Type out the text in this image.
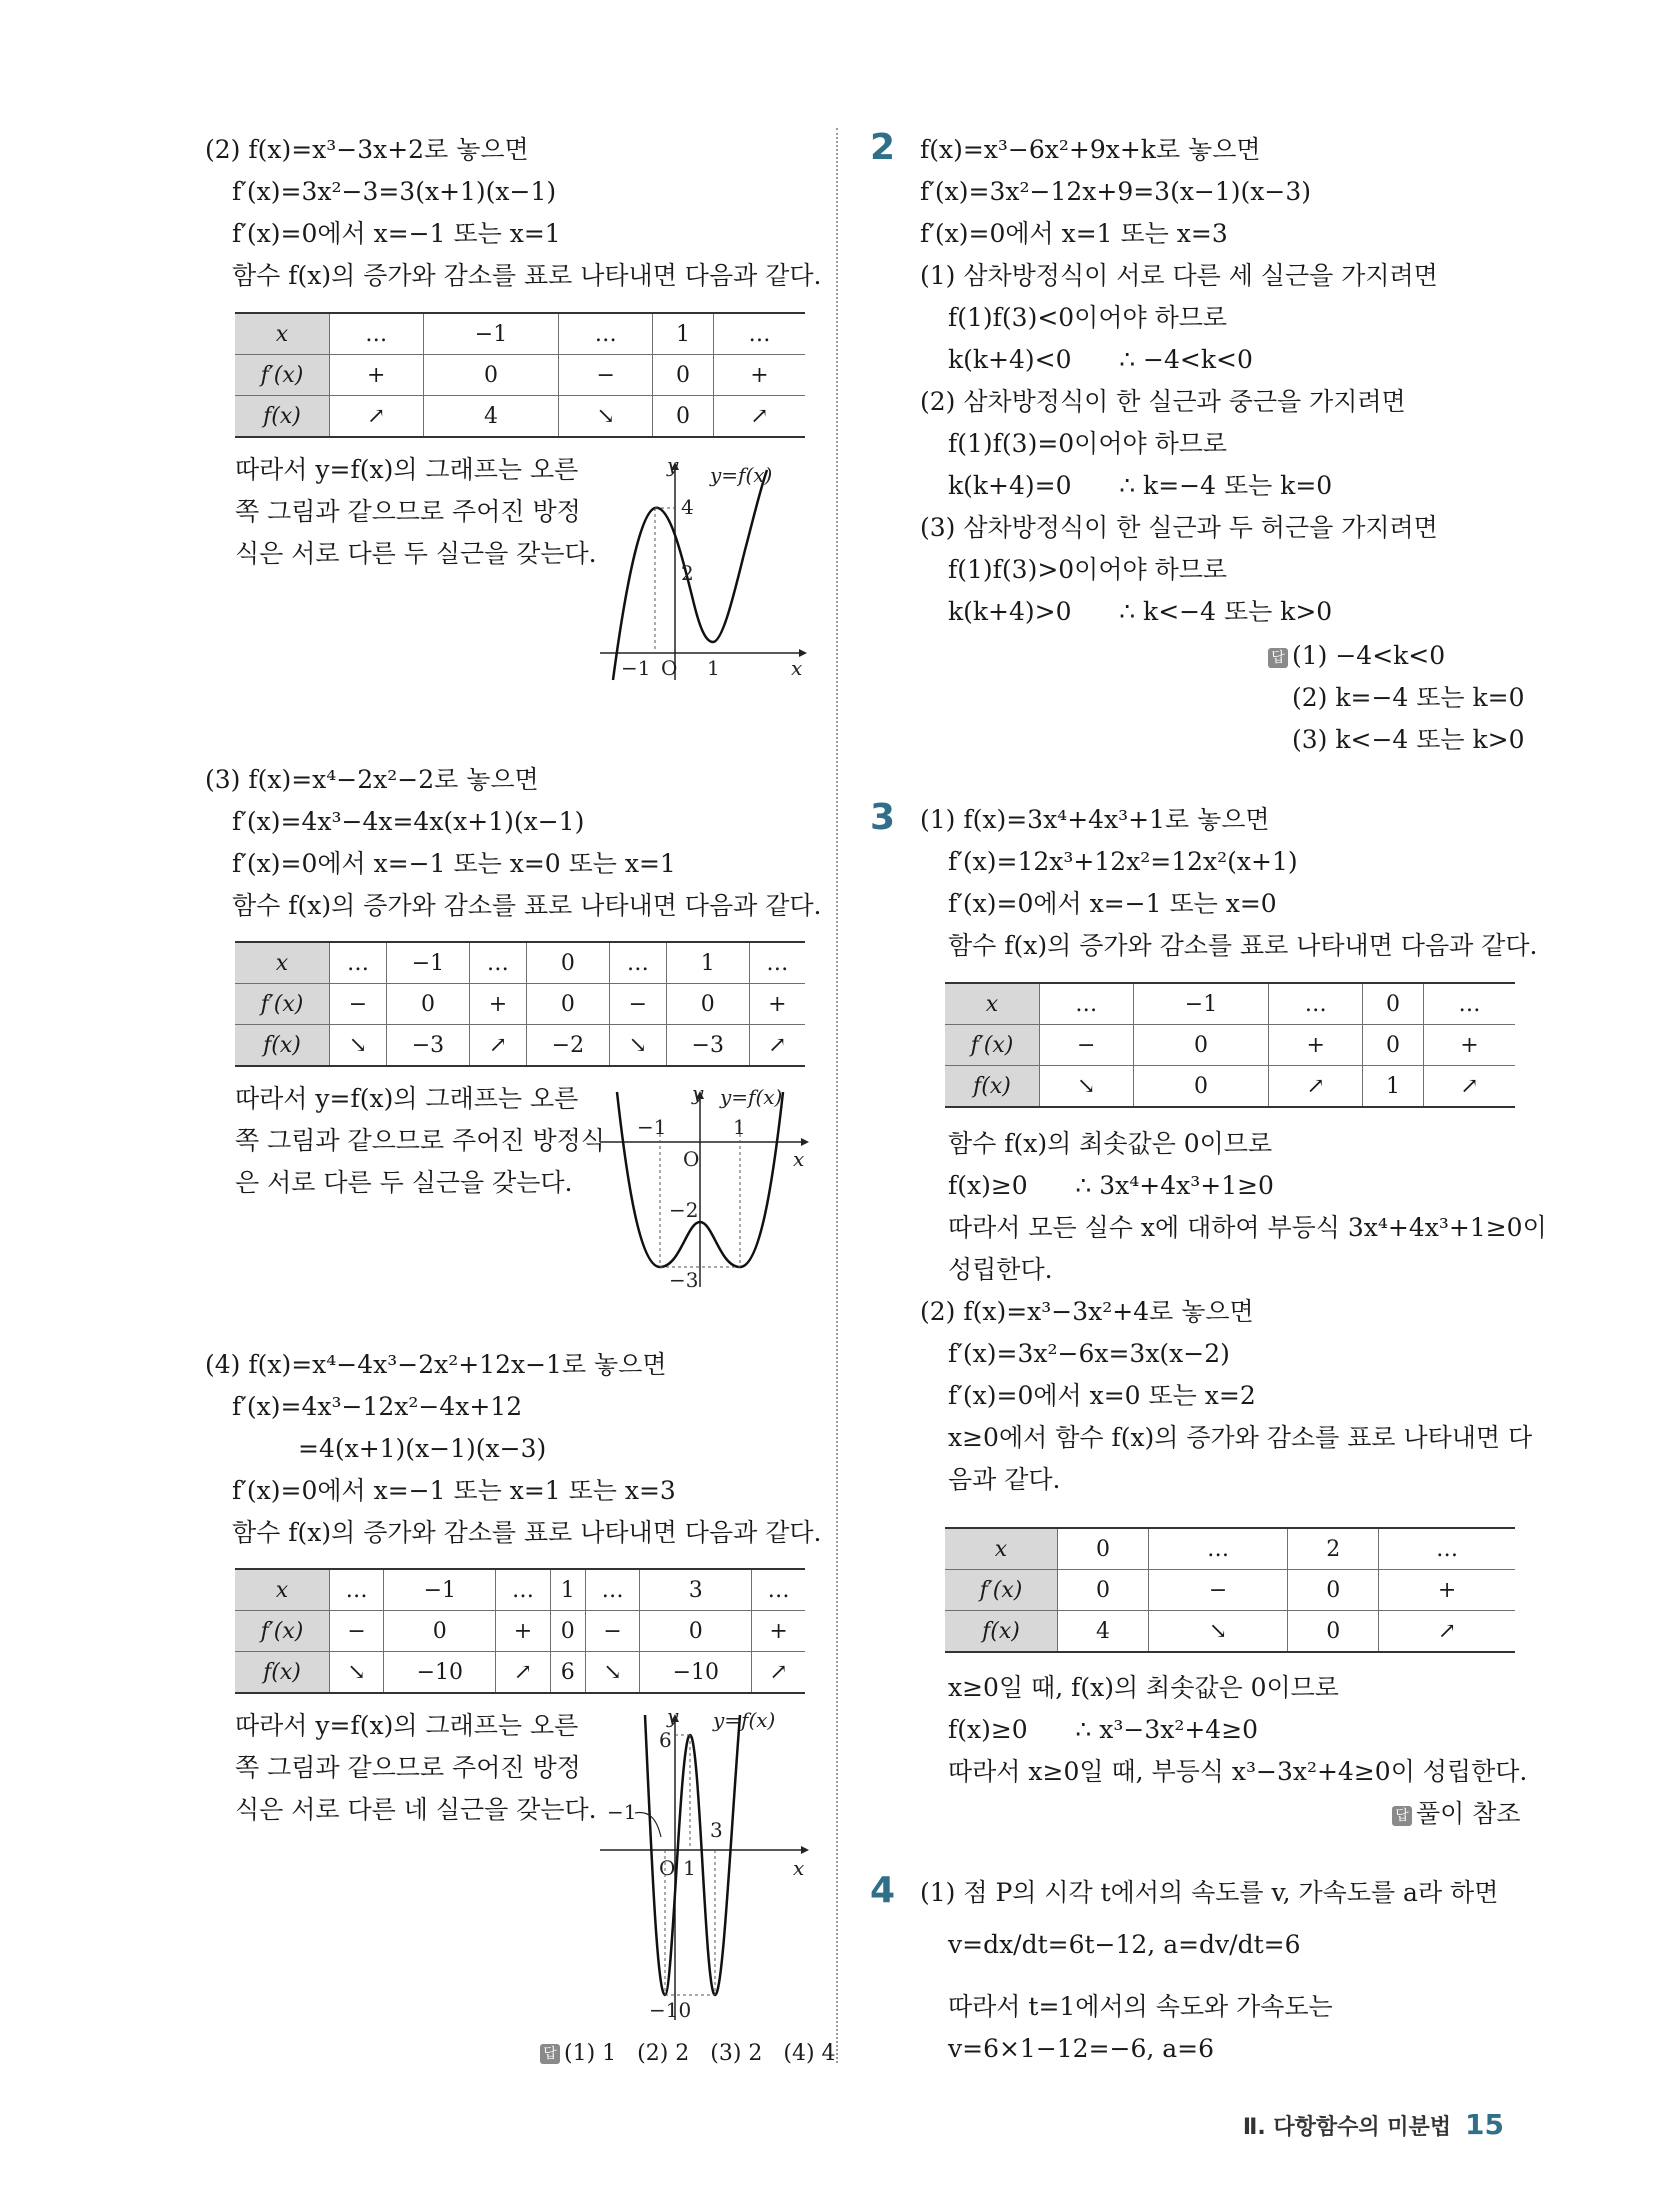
(2) f(x)=x³−3x+2로 놓으면
f′(x)=3x²−3=3(x+1)(x−1)
f′(x)=0에서 x=−1 또는 x=1
함수 f(x)의 증가와 감소를 표로 나타내면 다음과 같다.
x	…	−1	…	1	…
f′(x)	+	0	−	0	+
f(x)	↗	4	↘	0	↗
따라서 y=f(x)의 그래프는 오른
쪽 그림과 같으므로 주어진 방정
식은 서로 다른 두 실근을 갖는다.
y y=f(x)
4
2
−1 O 1	x
(3) f(x)=x⁴−2x²−2로 놓으면
f′(x)=4x³−4x=4x(x+1)(x−1)
f′(x)=0에서 x=−1 또는 x=0 또는 x=1
함수 f(x)의 증가와 감소를 표로 나타내면 다음과 같다.
x	…	−1	…	0	…	1	…
f′(x)	−	0	+	0	−	0	+
f(x)	↘	−3	↗	−2	↘	−3	↗
따라서 y=f(x)의 그래프는 오른
쪽 그림과 같으므로 주어진 방정식
은 서로 다른 두 실근을 갖는다.
y y=f(x)
−1	1
O
−2
−3
x
(4) f(x)=x⁴−4x³−2x²+12x−1로 놓으면
f′(x)=4x³−12x²−4x+12
=4(x+1)(x−1)(x−3)
f′(x)=0에서 x=−1 또는 x=1 또는 x=3
함수 f(x)의 증가와 감소를 표로 나타내면 다음과 같다.
x	…	−1	…	1	…	3	…
f′(x)	−	0	+	0	−	0	+
f(x)	↘	−10	↗	6	↘	−10	↗
따라서 y=f(x)의 그래프는 오른
쪽 그림과 같으므로 주어진 방정
식은 서로 다른 네 실근을 갖는다.
y y=f(x)
6
−1
O 1
3
−10
x
답 (1) 1   (2) 2   (3) 2   (4) 4
2 f(x)=x³−6x²+9x+k로 놓으면
f′(x)=3x²−12x+9=3(x−1)(x−3)
f′(x)=0에서 x=1 또는 x=3
(1) 삼차방정식이 서로 다른 세 실근을 가지려면
f(1)f(3)<0이어야 하므로
k(k+4)<0      ∴ −4<k<0
(2) 삼차방정식이 한 실근과 중근을 가지려면
f(1)f(3)=0이어야 하므로
k(k+4)=0      ∴ k=−4 또는 k=0
(3) 삼차방정식이 한 실근과 두 허근을 가지려면
f(1)f(3)>0이어야 하므로
k(k+4)>0      ∴ k<−4 또는 k>0
답 (1) −4<k<0
(2) k=−4 또는 k=0
(3) k<−4 또는 k>0
3 (1) f(x)=3x⁴+4x³+1로 놓으면
f′(x)=12x³+12x²=12x²(x+1)
f′(x)=0에서 x=−1 또는 x=0
함수 f(x)의 증가와 감소를 표로 나타내면 다음과 같다.
x	…	−1	…	0	…
f′(x)	−	0	+	0	+
f(x)	↘	0	↗	1	↗
함수 f(x)의 최솟값은 0이므로
f(x)≥0      ∴ 3x⁴+4x³+1≥0
따라서 모든 실수 x에 대하여 부등식 3x⁴+4x³+1≥0이
성립한다.
(2) f(x)=x³−3x²+4로 놓으면
f′(x)=3x²−6x=3x(x−2)
f′(x)=0에서 x=0 또는 x=2
x≥0에서 함수 f(x)의 증가와 감소를 표로 나타내면 다
음과 같다.
x	0	…	2	…
f′(x)	0	−	0	+
f(x)	4	↘	0	↗
x≥0일 때, f(x)의 최솟값은 0이므로
f(x)≥0      ∴ x³−3x²+4≥0
따라서 x≥0일 때, 부등식 x³−3x²+4≥0이 성립한다.
답 풀이 참조
4 (1) 점 P의 시각 t에서의 속도를 v, 가속도를 a라 하면
v=dx/dt=6t−12, a=dv/dt=6
따라서 t=1에서의 속도와 가속도는
v=6×1−12=−6, a=6
Ⅱ. 다항함수의 미분법 15
